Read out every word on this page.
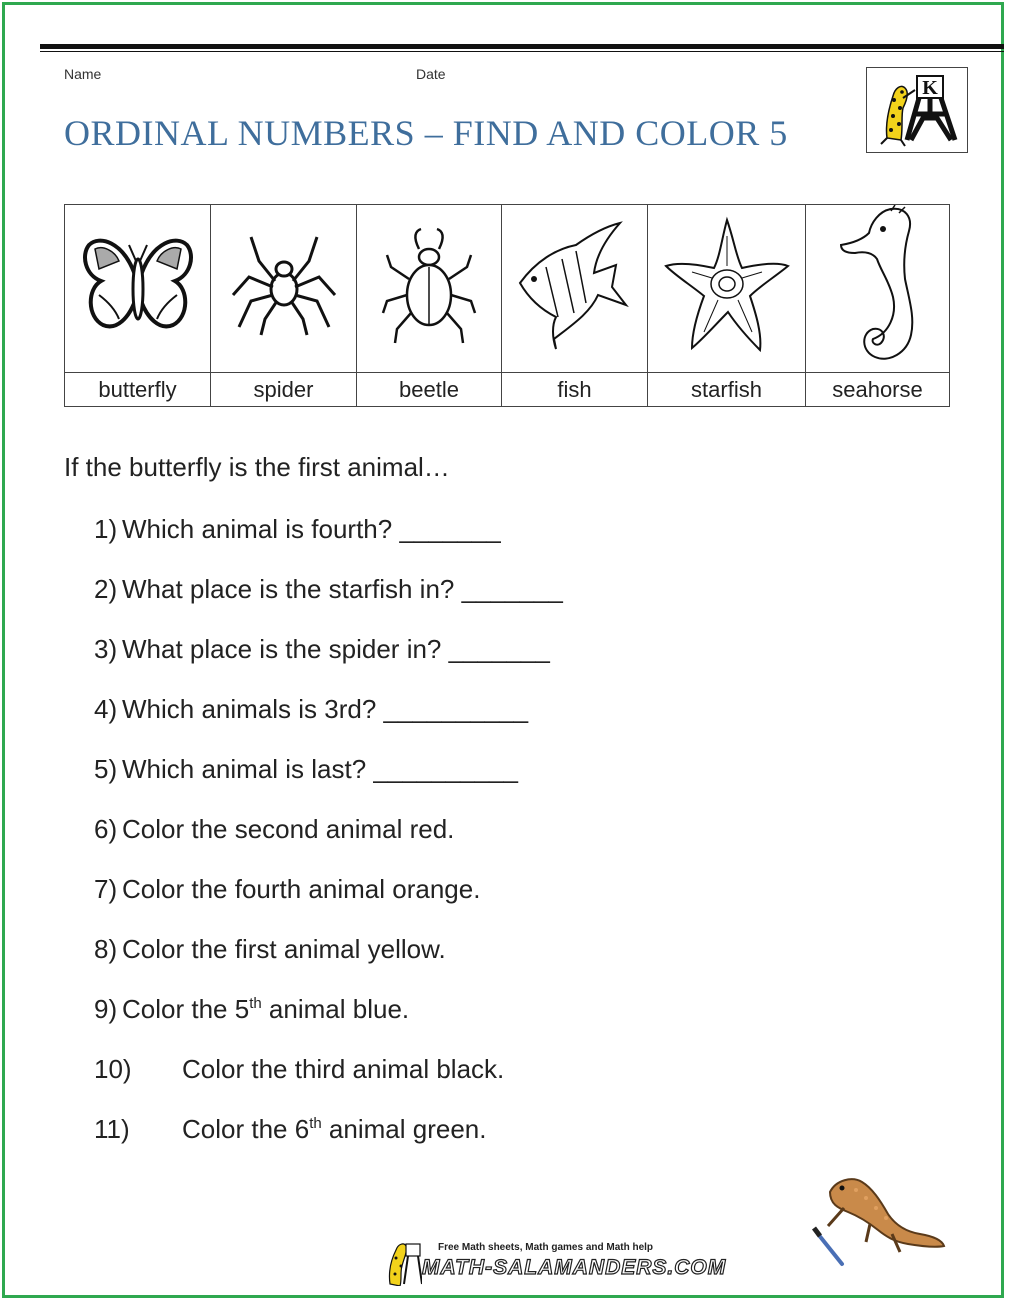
Name	Date
ORDINAL NUMBERS – FIND AND COLOR 5
K

butterfly	spider	beetle	fish	starfish	seahorse
If the butterfly is the first animal…
1) Which animal is fourth? _______
2) What place is the starfish in? _______
3) What place is the spider in? _______
4) Which animals is 3rd? __________
5) Which animal is last? __________
6) Color the second animal red.
7) Color the fourth animal orange.
8) Color the first animal yellow.
9) Color the 5th animal blue.
10) Color the third animal black.
11) Color the 6th animal green.
Free Math sheets, Math games and Math help
MATH-SALAMANDERS.COM
